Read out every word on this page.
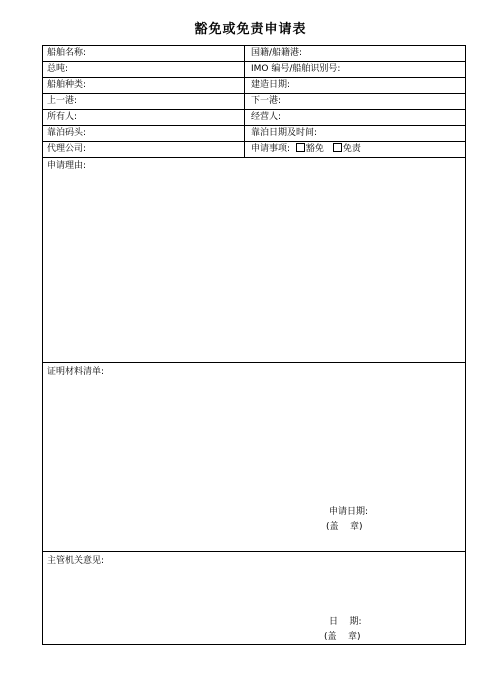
豁免或免责申请表
船舶名称:	国籍/船籍港:
总吨:	IMO 编号/船舶识别号:
船舶种类:	建造日期:
上一港:	下一港:
所有人:	经营人:
靠泊码头:	靠泊日期及时间:
代理公司:	申请事项: 豁免 免责
申请理由:
证明材料清单:
申请日期:
(盖    章)
主管机关意见:
日    期:
(盖    章)
